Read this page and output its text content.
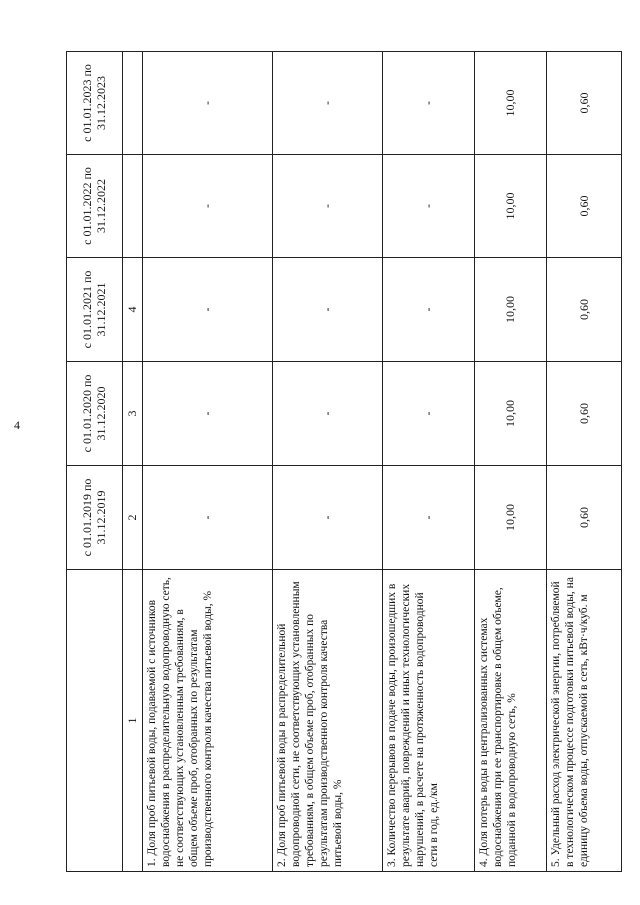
4
	с 01.01.2019 по 31.12.2019	с 01.01.2020 по 31.12.2020	с 01.01.2021 по 31.12.2021	с 01.01.2022 по 31.12.2022	с 01.01.2023 по 31.12.2023
1	2	3	4		
1. Доля проб питьевой воды, подаваемой с источников водоснабжения в распределительную водопроводную сеть, не соответствующих установленным требованиям, в общем объеме проб, отобранных по результатам производственного контроля качества питьевой воды, %	-	-	-	-	-
2. Доля проб питьевой воды в распределительной водопроводной сети, не соответствующих установленным требованиям, в общем объеме проб, отобранных по результатам производственного контроля качества питьевой воды, %	-	-	-	-	-
3. Количество перерывов в подаче воды, произошедших в результате аварий, повреждений и иных технологических нарушений, в расчете на протяженность водопроводной сети в год, ед./км	-	-	-	-	-
4. Доля потерь воды в централизованных системах водоснабжения при ее транспортировке в общем объеме, поданной в водопроводную сеть, %	10,00	10,00	10,00	10,00	10,00
5. Удельный расход электрической энергии, потребляемой в технологическом процессе подготовки питьевой воды, на единицу объема воды, отпускаемой в сеть, кВт·ч/куб. м	0,60	0,60	0,60	0,60	0,60
